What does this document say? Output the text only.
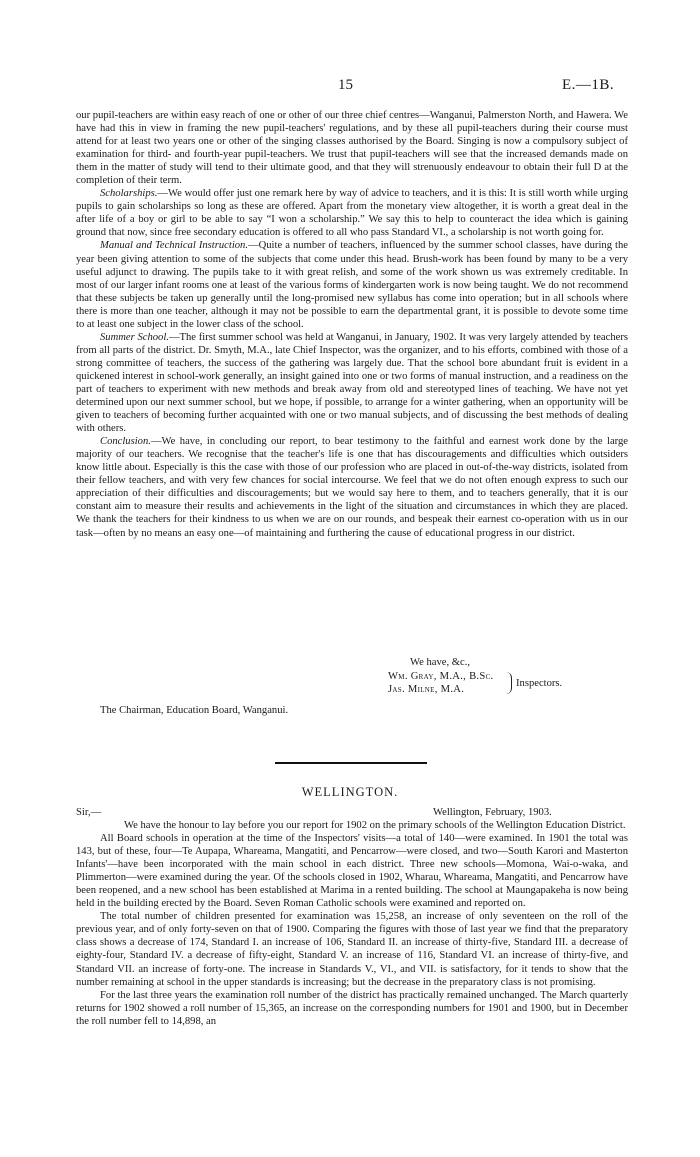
15	E.—1B.

our pupil-teachers are within easy reach of one or other of our three chief centres—Wanganui, Palmerston North, and Hawera. We have had this in view in framing the new pupil-teachers' regulations, and by these all pupil-teachers during their course must attend for at least two years one or other of the singing classes authorised by the Board. Singing is now a compulsory subject of examination for third- and fourth-year pupil-teachers. We trust that pupil-teachers will see that the increased demands made on them in the matter of study will tend to their ultimate good, and that they will strenuously endeavour to obtain their full D at the completion of their term.

Scholarships.—We would offer just one remark here by way of advice to teachers, and it is this: It is still worth while urging pupils to gain scholarships so long as these are offered. Apart from the monetary view altogether, it is worth a great deal in the after life of a boy or girl to be able to say “I won a scholarship.” We say this to help to counteract the idea which is gaining ground that now, since free secondary education is offered to all who pass Standard VI., a scholarship is not worth going for.

Manual and Technical Instruction.—Quite a number of teachers, influenced by the summer school classes, have during the year been giving attention to some of the subjects that come under this head. Brush-work has been found by many to be a very useful adjunct to drawing. The pupils take to it with great relish, and some of the work shown us was extremely creditable. In most of our larger infant rooms one at least of the various forms of kindergarten work is now being taught. We do not recommend that these subjects be taken up generally until the long-promised new syllabus has come into operation; but in all schools where there is more than one teacher, although it may not be possible to earn the departmental grant, it is possible to devote some time to at least one subject in the lower class of the school.

Summer School.—The first summer school was held at Wanganui, in January, 1902. It was very largely attended by teachers from all parts of the district. Dr. Smyth, M.A., late Chief Inspector, was the organizer, and to his efforts, combined with those of a strong committee of teachers, the success of the gathering was largely due. That the school bore abundant fruit is evident in a quickened interest in school-work generally, an insight gained into one or two forms of manual instruction, and a readiness on the part of teachers to experiment with new methods and break away from old and stereotyped lines of teaching. We have not yet determined upon our next summer school, but we hope, if possible, to arrange for a winter gathering, when an opportunity will be given to teachers of becoming further acquainted with one or two manual subjects, and of discussing the best methods of dealing with others.

Conclusion.—We have, in concluding our report, to bear testimony to the faithful and earnest work done by the large majority of our teachers. We recognise that the teacher's life is one that has discouragements and difficulties which outsiders know little about. Especially is this the case with those of our profession who are placed in out-of-the-way districts, isolated from their fellow teachers, and with very few chances for social intercourse. We feel that we do not often enough express to such our appreciation of their difficulties and discouragements; but we would say here to them, and to teachers generally, that it is our constant aim to measure their results and achievements in the light of the situation and circumstances in which they are placed. We thank the teachers for their kindness to us when we are on our rounds, and bespeak their earnest co-operation with us in our task—often by no means an easy one—of maintaining and furthering the cause of educational progress in our district.

We have, &c.,
Wm. Gray, M.A., B.Sc.
Jas. Milne, M.A.
Inspectors.
The Chairman, Education Board, Wanganui.
WELLINGTON.
Sir,—	Wellington, February, 1903.

We have the honour to lay before you our report for 1902 on the primary schools of the Wellington Education District.

All Board schools in operation at the time of the Inspectors' visits—a total of 140—were examined. In 1901 the total was 143, but of these, four—Te Aupapa, Whareama, Mangatiti, and Pencarrow—were closed, and two—South Karori and Masterton Infants'—have been incorporated with the main school in each district. Three new schools—Momona, Wai-o-waka, and Plimmerton—were examined during the year. Of the schools closed in 1902, Wharau, Whareama, Mangatiti, and Pencarrow have been reopened, and a new school has been established at Marima in a rented building. The school at Maungapakeha is now being held in the building erected by the Board. Seven Roman Catholic schools were examined and reported on.

The total number of children presented for examination was 15,258, an increase of only seventeen on the roll of the previous year, and of only forty-seven on that of 1900. Comparing the figures with those of last year we find that the preparatory class shows a decrease of 174, Standard I. an increase of 106, Standard II. an increase of thirty-five, Standard III. a decrease of eighty-four, Standard IV. a decrease of fifty-eight, Standard V. an increase of 116, Standard VI. an increase of thirty-five, and Standard VII. an increase of forty-one. The increase in Standards V., VI., and VII. is satisfactory, for it tends to show that the number remaining at school in the upper standards is increasing; but the decrease in the preparatory class is not promising.

For the last three years the examination roll number of the district has practically remained unchanged. The March quarterly returns for 1902 showed a roll number of 15,365, an increase on the corresponding numbers for 1901 and 1900, but in December the roll number fell to 14,898, an
